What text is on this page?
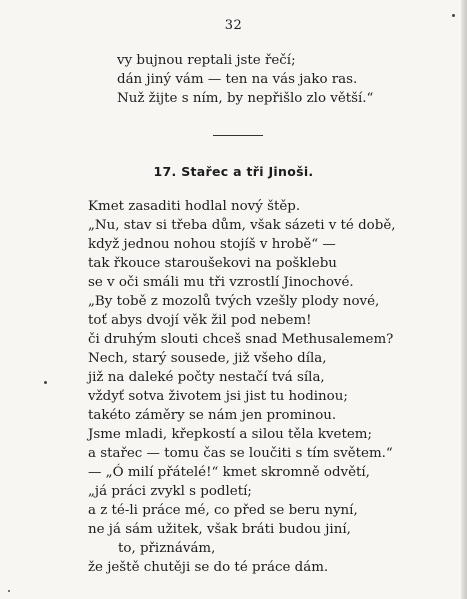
32
vy bujnou reptali jste řečí;
dán jiný vám — ten na vás jako ras.
Nuž žijte s ním, by nepřišlo zlo větší.“
17. Stařec a tři Jinoši.
Kmet zasaditi hodlal nový štěp.
„Nu, stav si třeba dům, však sázeti v té době,
když jednou nohou stojíš v hrobě“ —
tak řkouce staroušekovi na pošklebu
se v oči smáli mu tři vzrostlí Jinochové.
„By tobě z mozolů tvých vzešly plody nové,
toť abys dvojí věk žil pod nebem!
či druhým slouti chceš snad Methusalemem?
Nech, starý sousede, již všeho díla,
již na daleké počty nestačí tvá síla,
vždyť sotva životem jsi jist tu hodinou;
takéto záměry se nám jen prominou.
Jsme mladi, křepkostí a silou těla kvetem;
a stařec — tomu čas se loučiti s tím světem.“
— „Ó milí přátelé!“ kmet skromně odvětí,
„já práci zvykl s podletí;
a z té-li práce mé, co před se beru nyní,
ne já sám užitek, však bráti budou jiní,
to, přiznávám,
že ještě chutěji se do té práce dám.
